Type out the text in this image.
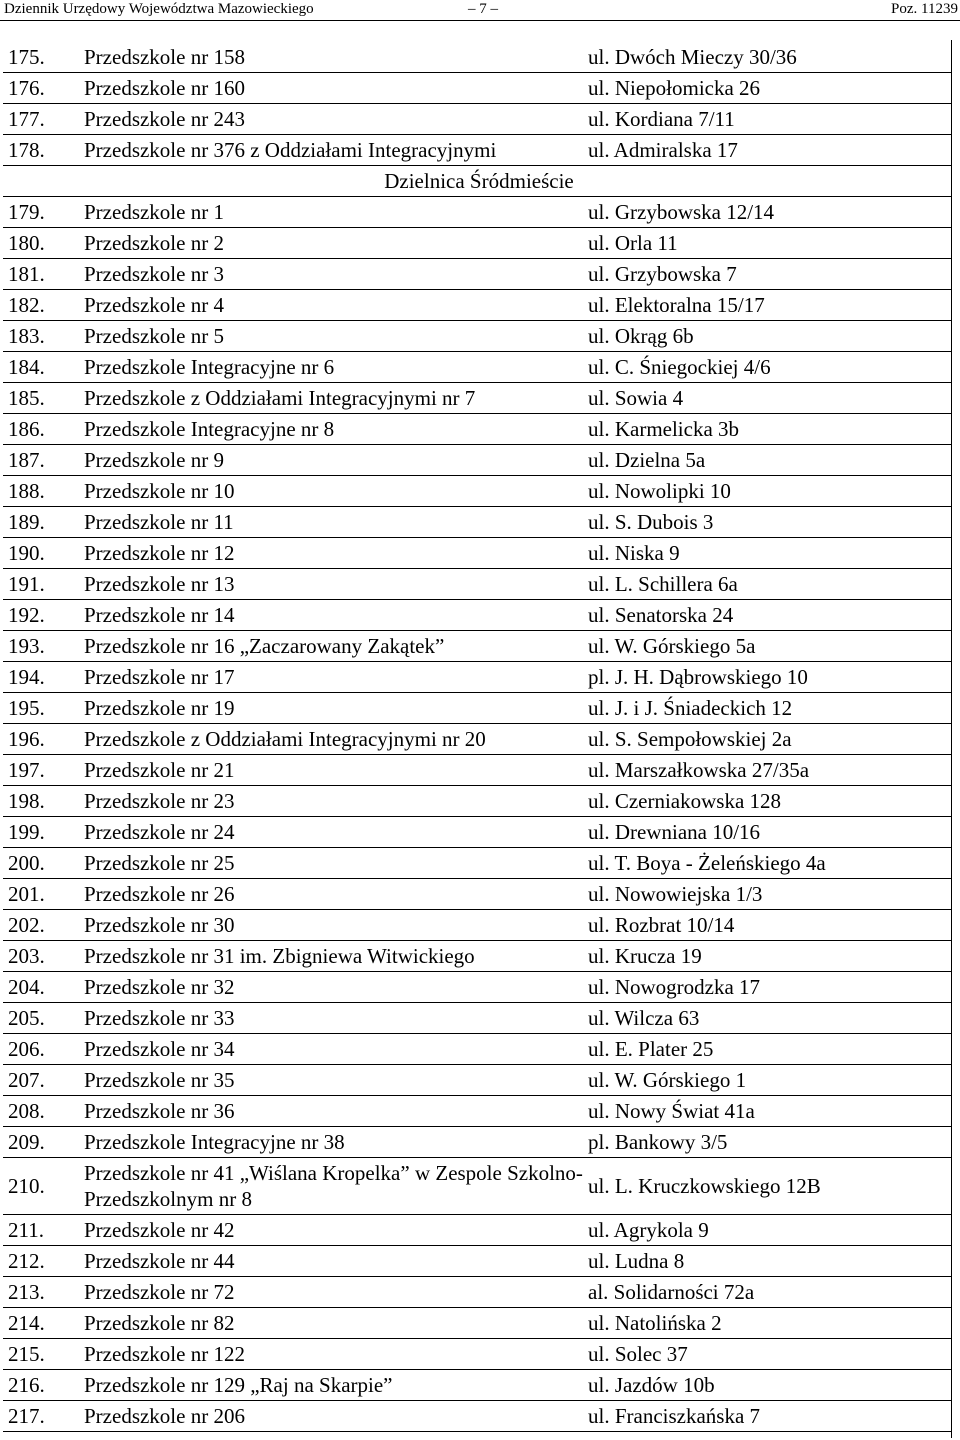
Dziennik Urzędowy Województwa Mazowieckiego	– 7 –	Poz. 11239
175.	Przedszkole nr 158	ul. Dwóch Mieczy 30/36
176.	Przedszkole nr 160	ul. Niepołomicka 26
177.	Przedszkole nr 243	ul. Kordiana 7/11
178.	Przedszkole nr 376 z Oddziałami Integracyjnymi	ul. Admiralska 17
Dzielnica Śródmieście		
179.	Przedszkole nr 1	ul. Grzybowska 12/14
180.	Przedszkole nr 2	ul. Orla 11
181.	Przedszkole nr 3	ul. Grzybowska 7
182.	Przedszkole nr 4	ul. Elektoralna 15/17
183.	Przedszkole nr 5	ul. Okrąg 6b
184.	Przedszkole Integracyjne nr 6	ul. C. Śniegockiej 4/6
185.	Przedszkole z Oddziałami Integracyjnymi nr 7	ul. Sowia 4
186.	Przedszkole Integracyjne nr 8	ul. Karmelicka 3b
187.	Przedszkole nr 9	ul. Dzielna 5a
188.	Przedszkole nr 10	ul. Nowolipki 10
189.	Przedszkole nr 11	ul. S. Dubois 3
190.	Przedszkole nr 12	ul. Niska 9
191.	Przedszkole nr 13	ul. L. Schillera 6a
192.	Przedszkole nr 14	ul. Senatorska 24
193.	Przedszkole nr 16 „Zaczarowany Zakątek”	ul. W. Górskiego 5a
194.	Przedszkole nr 17	pl. J. H. Dąbrowskiego 10
195.	Przedszkole nr 19	ul. J. i J. Śniadeckich 12
196.	Przedszkole z Oddziałami Integracyjnymi nr 20	ul. S. Sempołowskiej 2a
197.	Przedszkole nr 21	ul. Marszałkowska 27/35a
198.	Przedszkole nr 23	ul. Czerniakowska 128
199.	Przedszkole nr 24	ul. Drewniana 10/16
200.	Przedszkole nr 25	ul. T. Boya - Żeleńskiego 4a
201.	Przedszkole nr 26	ul. Nowowiejska 1/3
202.	Przedszkole nr 30	ul. Rozbrat 10/14
203.	Przedszkole nr 31 im. Zbigniewa Witwickiego	ul. Krucza 19
204.	Przedszkole nr 32	ul. Nowogrodzka 17
205.	Przedszkole nr 33	ul. Wilcza 63
206.	Przedszkole nr 34	ul. E. Plater 25
207.	Przedszkole nr 35	ul. W. Górskiego 1
208.	Przedszkole nr 36	ul. Nowy Świat 41a
209.	Przedszkole Integracyjne nr 38	pl. Bankowy 3/5
210.	Przedszkole nr 41 „Wiślana Kropelka” w Zespole Szkolno-Przedszkolnym nr 8	ul. L. Kruczkowskiego 12B
211.	Przedszkole nr 42	ul. Agrykola 9
212.	Przedszkole nr 44	ul. Ludna 8
213.	Przedszkole nr 72	al. Solidarności 72a
214.	Przedszkole nr 82	ul. Natolińska 2
215.	Przedszkole nr 122	ul. Solec 37
216.	Przedszkole nr 129 „Raj na Skarpie”	ul. Jazdów 10b
217.	Przedszkole nr 206	ul. Franciszkańska 7
